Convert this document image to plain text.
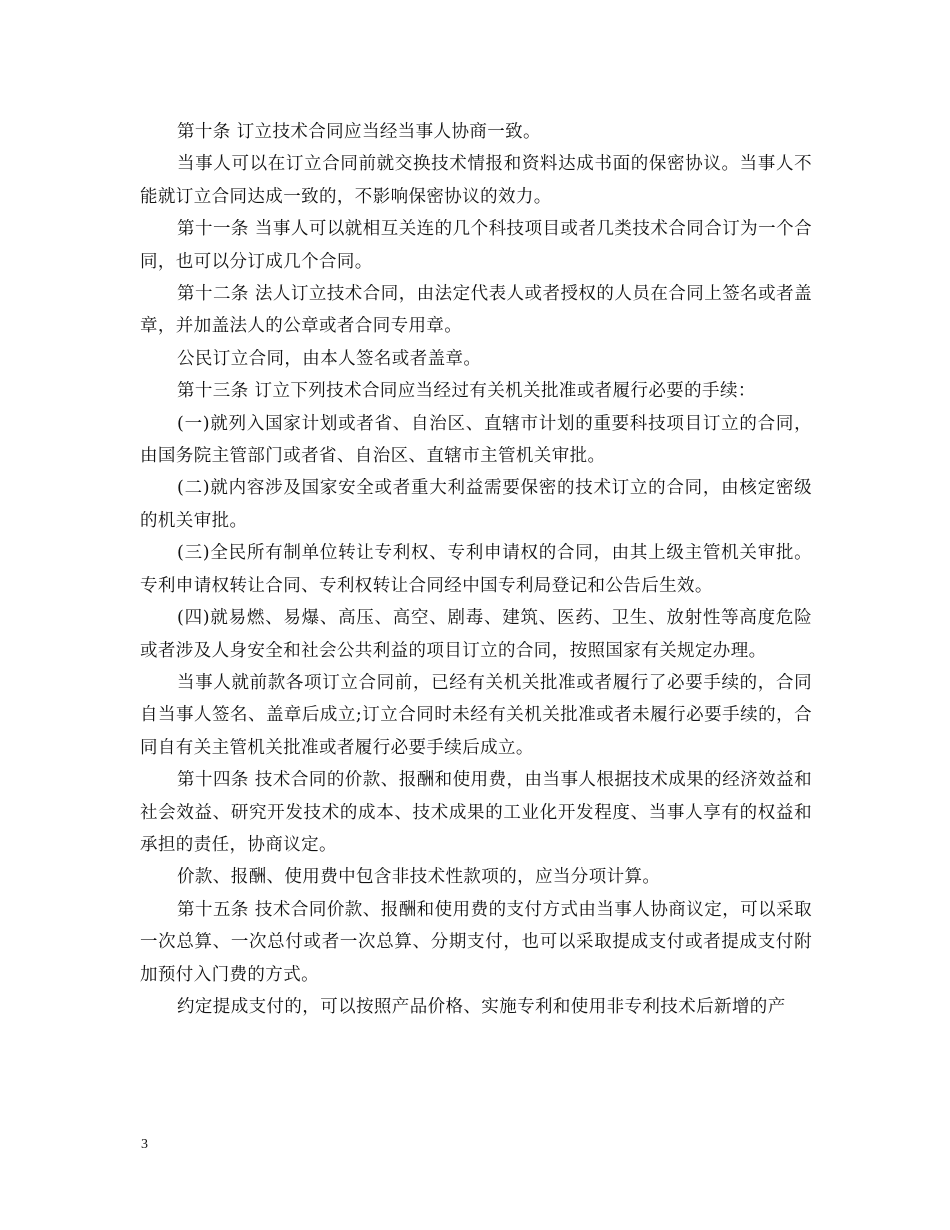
第十条 订立技术合同应当经当事人协商一致。

当事人可以在订立合同前就交换技术情报和资料达成书面的保密协议。当事人不能就订立合同达成一致的，不影响保密协议的效力。

第十一条 当事人可以就相互关连的几个科技项目或者几类技术合同合订为一个合同，也可以分订成几个合同。

第十二条 法人订立技术合同，由法定代表人或者授权的人员在合同上签名或者盖章，并加盖法人的公章或者合同专用章。

公民订立合同，由本人签名或者盖章。

第十三条 订立下列技术合同应当经过有关机关批准或者履行必要的手续：

(一)就列入国家计划或者省、自治区、直辖市计划的重要科技项目订立的合同，由国务院主管部门或者省、自治区、直辖市主管机关审批。

(二)就内容涉及国家安全或者重大利益需要保密的技术订立的合同，由核定密级的机关审批。

(三)全民所有制单位转让专利权、专利申请权的合同，由其上级主管机关审批。专利申请权转让合同、专利权转让合同经中国专利局登记和公告后生效。

(四)就易燃、易爆、高压、高空、剧毒、建筑、医药、卫生、放射性等高度危险或者涉及人身安全和社会公共利益的项目订立的合同，按照国家有关规定办理。

当事人就前款各项订立合同前，已经有关机关批准或者履行了必要手续的，合同自当事人签名、盖章后成立;订立合同时未经有关机关批准或者未履行必要手续的，合同自有关主管机关批准或者履行必要手续后成立。

第十四条 技术合同的价款、报酬和使用费，由当事人根据技术成果的经济效益和社会效益、研究开发技术的成本、技术成果的工业化开发程度、当事人享有的权益和承担的责任，协商议定。

价款、报酬、使用费中包含非技术性款项的，应当分项计算。

第十五条 技术合同价款、报酬和使用费的支付方式由当事人协商议定，可以采取一次总算、一次总付或者一次总算、分期支付，也可以采取提成支付或者提成支付附加预付入门费的方式。

约定提成支付的，可以按照产品价格、实施专利和使用非专利技术后新增的产

3
